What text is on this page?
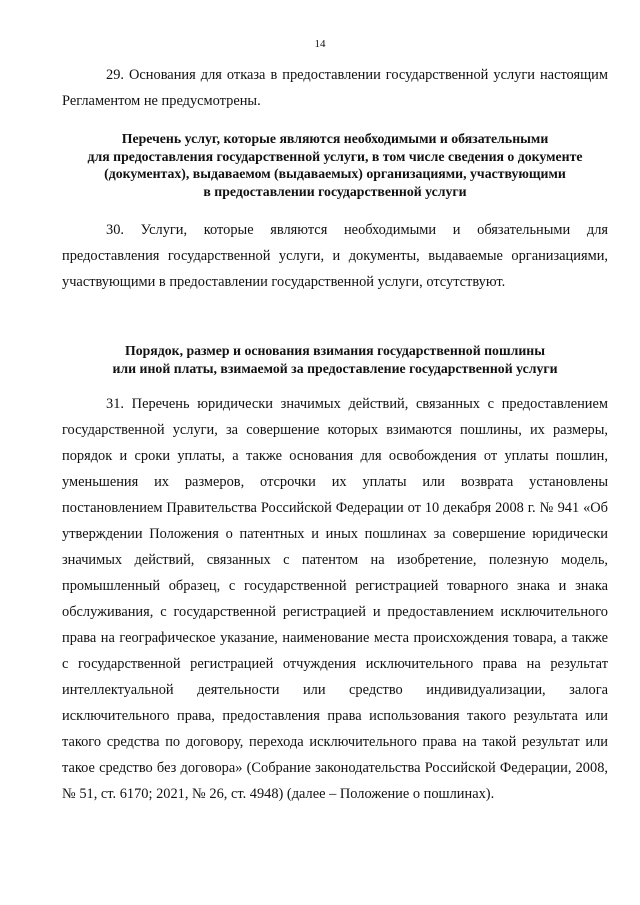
14

29. Основания для отказа в предоставлении государственной услуги настоящим Регламентом не предусмотрены.

Перечень услуг, которые являются необходимыми и обязательными
для предоставления государственной услуги, в том числе сведения о документе
(документах), выдаваемом (выдаваемых) организациями, участвующими
в предоставлении государственной услуги

30. Услуги, которые являются необходимыми и обязательными для предоставления государственной услуги, и документы, выдаваемые организациями, участвующими в предоставлении государственной услуги, отсутствуют.

Порядок, размер и основания взимания государственной пошлины
или иной платы, взимаемой за предоставление государственной услуги

31. Перечень юридически значимых действий, связанных с предоставлением государственной услуги, за совершение которых взимаются пошлины, их размеры, порядок и сроки уплаты, а также основания для освобождения от уплаты пошлин, уменьшения их размеров, отсрочки их уплаты или возврата установлены постановлением Правительства Российской Федерации от 10 декабря 2008 г. № 941 «Об утверждении Положения о патентных и иных пошлинах за совершение юридически значимых действий, связанных с патентом на изобретение, полезную модель, промышленный образец, с государственной регистрацией товарного знака и знака обслуживания, с государственной регистрацией и предоставлением исключительного права на географическое указание, наименование места происхождения товара, а также с государственной регистрацией отчуждения исключительного права на результат интеллектуальной деятельности или средство индивидуализации, залога исключительного права, предоставления права использования такого результата или такого средства по договору, перехода исключительного права на такой результат или такое средство без договора» (Собрание законодательства Российской Федерации, 2008, № 51, ст. 6170; 2021, № 26, ст. 4948) (далее – Положение о пошлинах).
